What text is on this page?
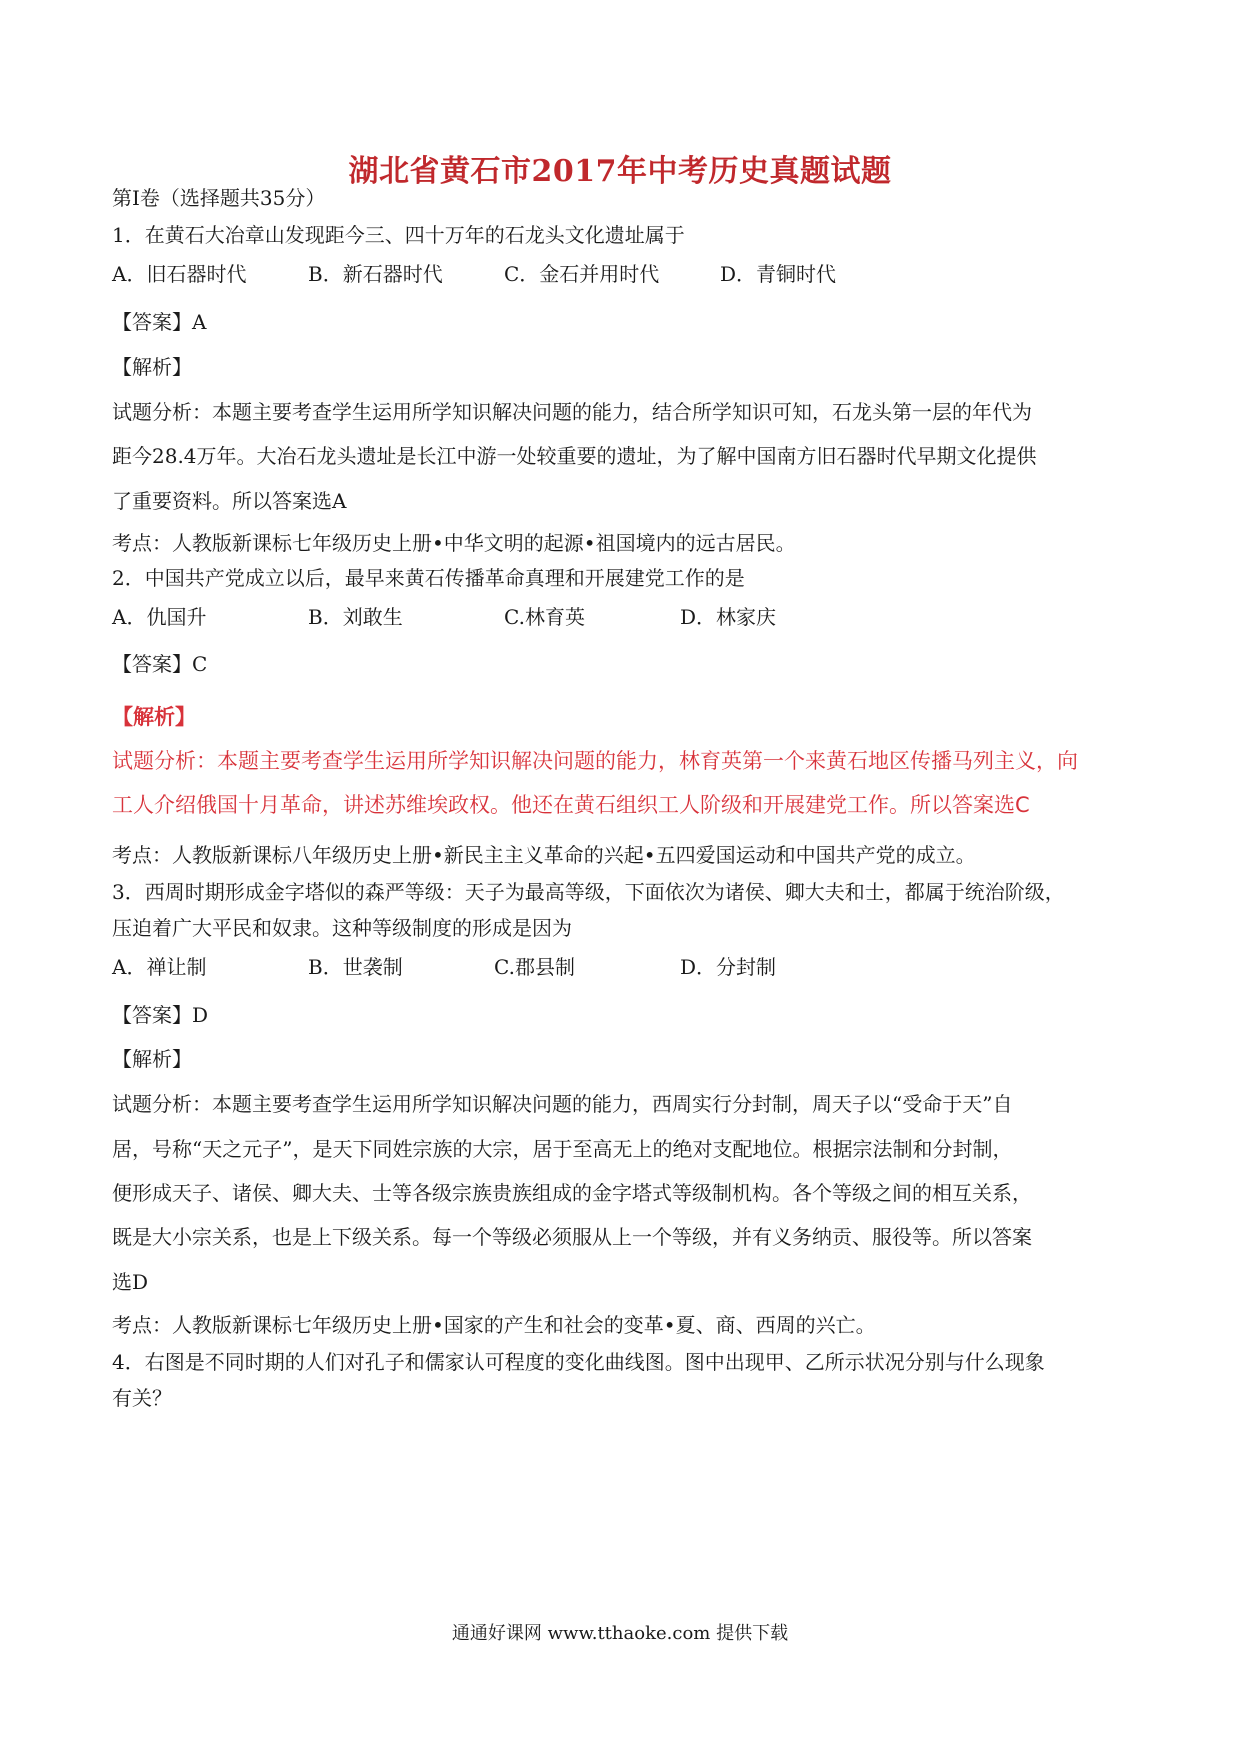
湖北省黄石市2017年中考历史真题试题
第Ⅰ卷（选择题共35分）
1．在黄石大冶章山发现距今三、四十万年的石龙头文化遗址属于
A．旧石器时代	B．新石器时代	C．金石并用时代	D．青铜时代
【答案】A
【解析】
试题分析：本题主要考查学生运用所学知识解决问题的能力，结合所学知识可知，石龙头第一层的年代为
距今28.4万年。大冶石龙头遗址是长江中游一处较重要的遗址，为了解中国南方旧石器时代早期文化提供
了重要资料。所以答案选A
考点：人教版新课标七年级历史上册•中华文明的起源•祖国境内的远古居民。
2．中国共产党成立以后，最早来黄石传播革命真理和开展建党工作的是
A．仇国升	B．刘敢生	C.林育英	D．林家庆
【答案】C
【解析】
试题分析：本题主要考查学生运用所学知识解决问题的能力，林育英第一个来黄石地区传播马列主义，向
工人介绍俄国十月革命，讲述苏维埃政权。他还在黄石组织工人阶级和开展建党工作。所以答案选C
考点：人教版新课标八年级历史上册•新民主主义革命的兴起•五四爱国运动和中国共产党的成立。
3．西周时期形成金字塔似的森严等级：天子为最高等级，下面依次为诸侯、卿大夫和士，都属于统治阶级，
压迫着广大平民和奴隶。这种等级制度的形成是因为
A．禅让制	B．世袭制	C.郡县制	D．分封制
【答案】D
【解析】
试题分析：本题主要考查学生运用所学知识解决问题的能力，西周实行分封制，周天子以“受命于天”自
居，号称“天之元子”，是天下同姓宗族的大宗，居于至高无上的绝对支配地位。根据宗法制和分封制，
便形成天子、诸侯、卿大夫、士等各级宗族贵族组成的金字塔式等级制机构。各个等级之间的相互关系，
既是大小宗关系，也是上下级关系。每一个等级必须服从上一个等级，并有义务纳贡、服役等。所以答案
选D
考点：人教版新课标七年级历史上册•国家的产生和社会的变革•夏、商、西周的兴亡。
4．右图是不同时期的人们对孔子和儒家认可程度的变化曲线图。图中出现甲、乙所示状况分别与什么现象
有关？
通通好课网 www.tthaoke.com 提供下载
